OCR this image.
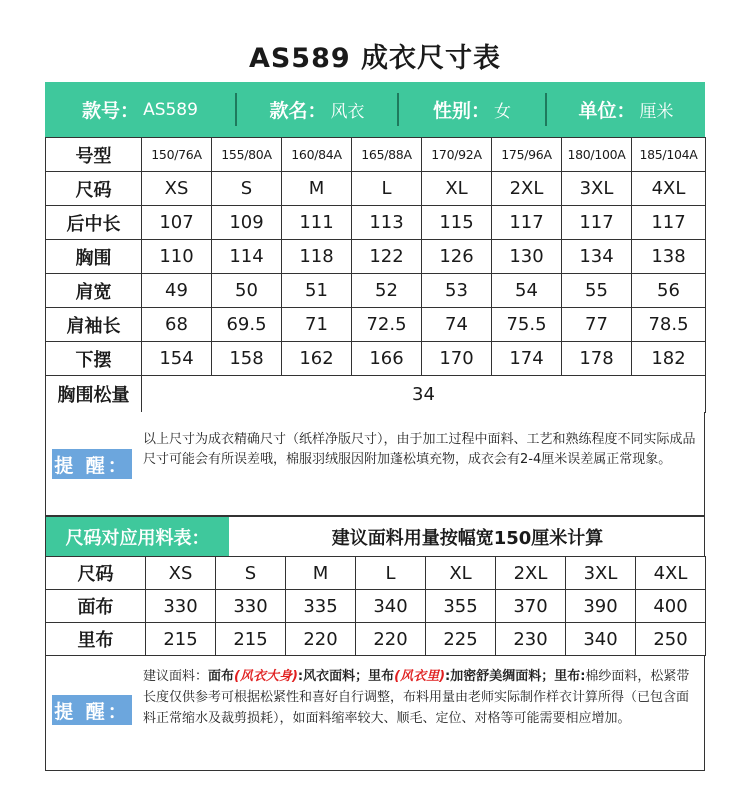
AS589 成衣尺寸表
款号： AS589	款名： 风衣	性别： 女	单位： 厘米
号型	150/76A	155/80A	160/84A	165/88A	170/92A	175/96A	180/100A	185/104A
尺码	XS	S	M	L	XL	2XL	3XL	4XL
后中长	107	109	111	113	115	117	117	117
胸围	110	114	118	122	126	130	134	138
肩宽	49	50	51	52	53	54	55	56
肩袖长	68	69.5	71	72.5	74	75.5	77	78.5
下摆	154	158	162	166	170	174	178	182
胸围松量	34							
提 醒：
以上尺寸为成衣精确尺寸（纸样净版尺寸），由于加工过程中面料、工艺和熟练程度不同实际成品尺寸可能会有所误差哦，棉服羽绒服因附加蓬松填充物，成衣会有2-4厘米误差属正常现象。
尺码对应用料表：	建议面料用量按幅宽150厘米计算
尺码	XS	S	M	L	XL	2XL	3XL	4XL
面布	330	330	335	340	355	370	390	400
里布	215	215	220	220	225	230	340	250
提 醒：
建议面料：面布(风衣大身):风衣面料；里布(风衣里):加密舒美绸面料；里布:棉纱面料，松紧带长度仅供参考可根据松紧性和喜好自行调整，布料用量由老师实际制作样衣计算所得（已包含面料正常缩水及裁剪损耗），如面料缩率较大、顺毛、定位、对格等可能需要相应增加。
